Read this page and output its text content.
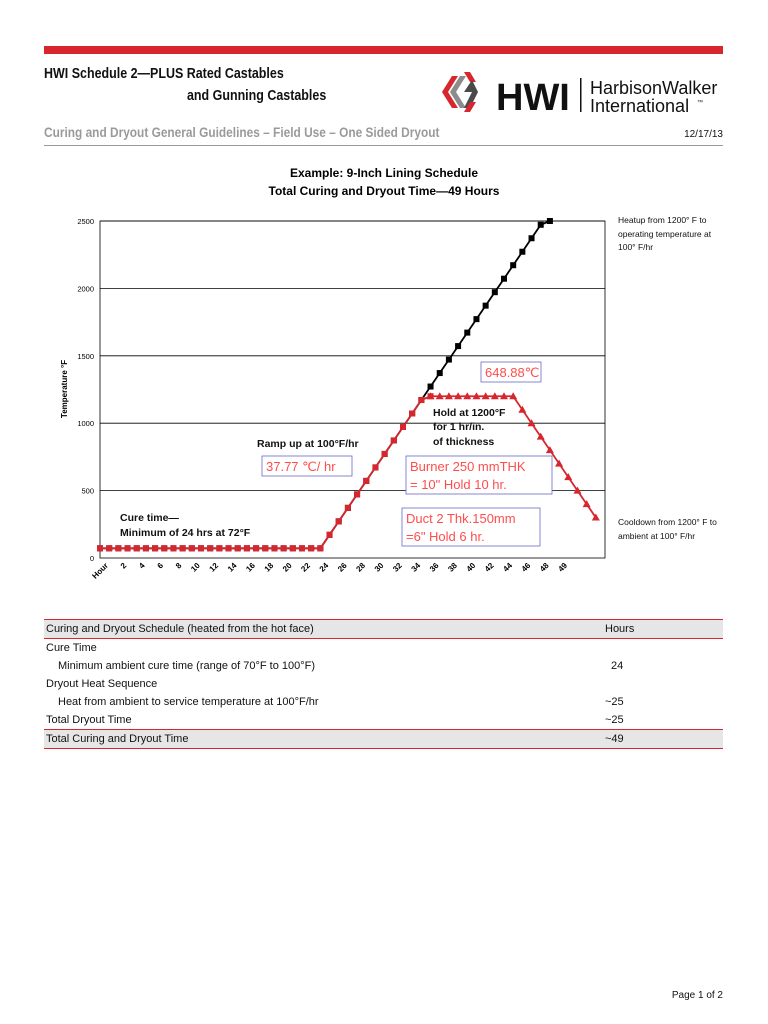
HWI Schedule 2—PLUS Rated Castables
and Gunning Castables	HWI HarbisonWalker
International ™
Curing and Dryout General Guidelines – Field Use – One Sided Dryout	12/17/13
Example: 9-Inch Lining Schedule
Total Curing and Dryout Time—49 Hours
Temperature °F
0
500
1000
1500
2000
2500
Hour 2 4 6 8 10 12 14 16 18 20 22 24 26 28 30 32 34 36 38 40 42 44 46 48 49
Heatup from 1200° F to
operating temperature at
100° F/hr
Cooldown from 1200° F to
ambient at 100° F/hr
Hold at 1200°F
for 1 hr/in.
of thickness
Ramp up at 100°F/hr
Cure time—
Minimum of 24 hrs at 72°F
648.88℃
37.77 ℃/ hr	Burner 250 mmTHK
= 10" Hold 10 hr.
Duct 2 Thk.150mm
=6" Hold 6 hr.
Curing and Dryout Schedule (heated from the hot face)	Hours
Cure Time	
Minimum ambient cure time (range of 70°F to 100°F)	24
Dryout Heat Sequence	
Heat from ambient to service temperature at 100°F/hr	~25
Total Dryout Time	~25
Total Curing and Dryout Time	~49
Page 1 of 2
